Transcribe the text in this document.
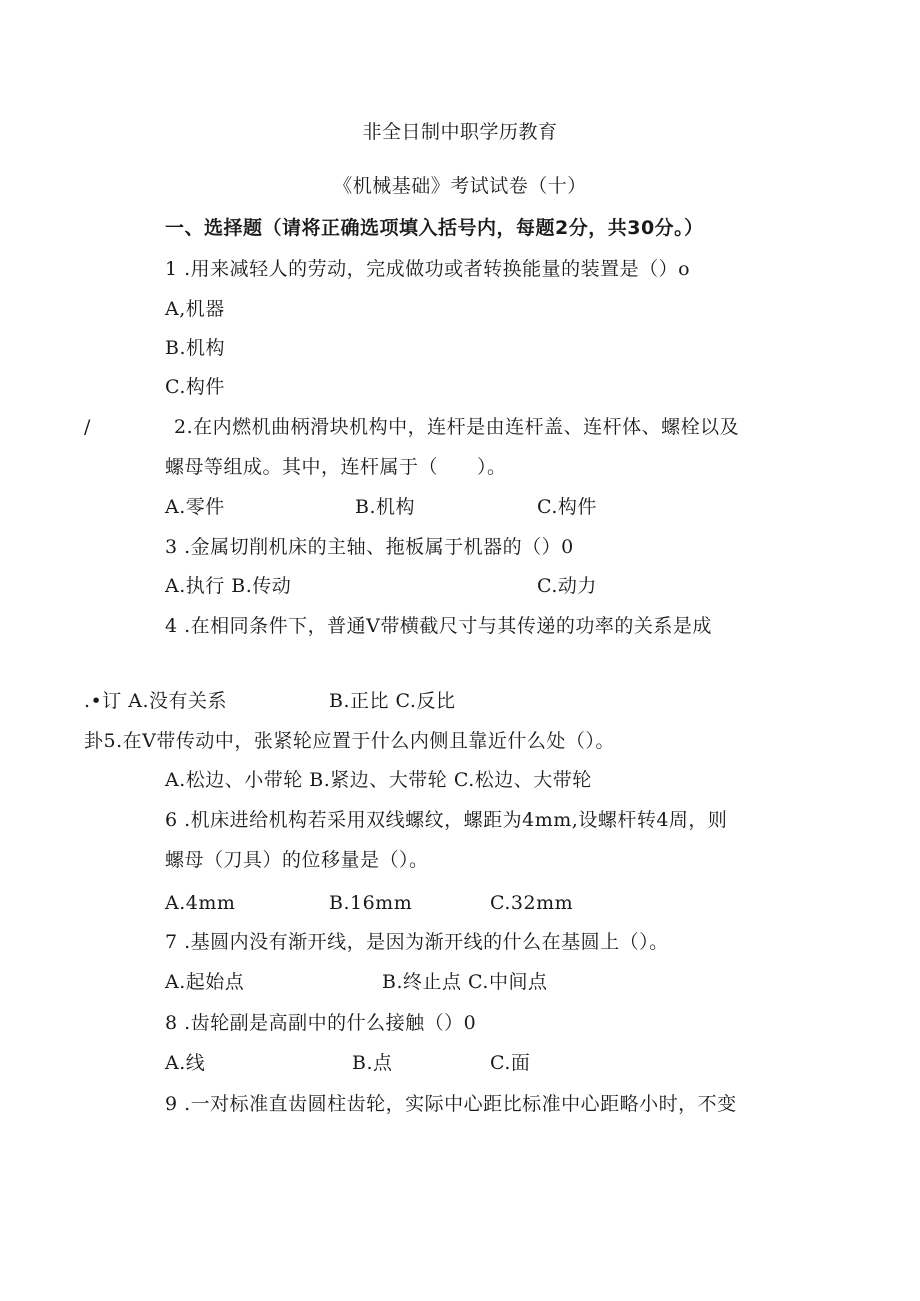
非全日制中职学历教育
《机械基础》考试试卷（十）
一、选择题（请将正确选项填入括号内，每题2分，共30分。）
1 .用来减轻人的劳动，完成做功或者转换能量的装置是（）o
A,机器
B.机构
C.构件
/	2.在内燃机曲柄滑块机构中，连杆是由连杆盖、连杆体、螺栓以及
螺母等组成。其中，连杆属于（　　）。
A.零件	B.机构	C.构件
3 .金属切削机床的主轴、拖板属于机器的（）0
A.执行 B.传动	C.动力
4 .在相同条件下，普通V带横截尺寸与其传递的功率的关系是成
.•订 A.没有关系	B.正比 C.反比
卦5.在V带传动中，张紧轮应置于什么内侧且靠近什么处（）。
A.松边、小带轮 B.紧边、大带轮 C.松边、大带轮
6 .机床进给机构若采用双线螺纹，螺距为4mm,设螺杆转4周，则
螺母（刀具）的位移量是（）。
A.4mm	B.16mm	C.32mm
7 .基圆内没有渐开线，是因为渐开线的什么在基圆上（）。
A.起始点	B.终止点 C.中间点
8 .齿轮副是高副中的什么接触（）0
A.线	B.点	C.面
9 .一对标准直齿圆柱齿轮，实际中心距比标准中心距略小时，不变
